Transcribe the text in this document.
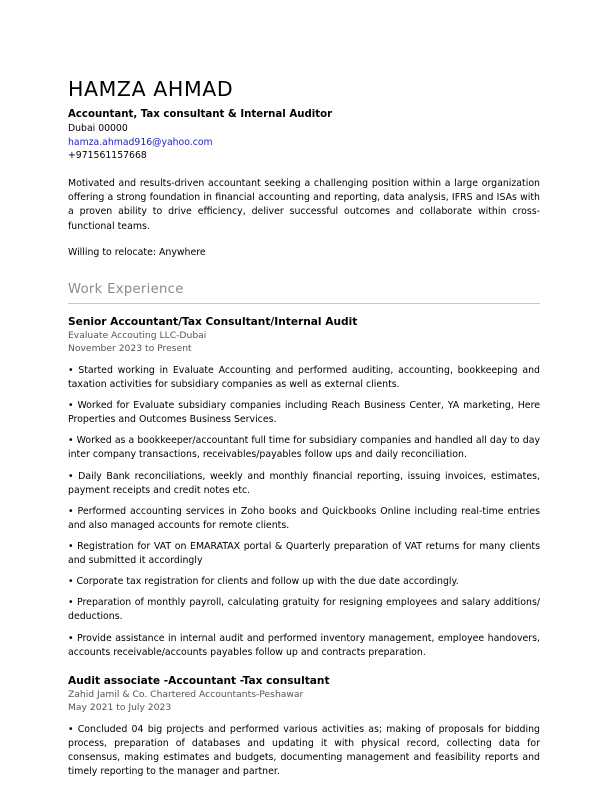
HAMZA AHMAD
Accountant, Tax consultant & Internal Auditor
Dubai 00000
hamza.ahmad916@yahoo.com
+971561157668
Motivated and results-driven accountant seeking a challenging position within a large organization offering a strong foundation in financial accounting and reporting, data analysis, IFRS and ISAs with a proven ability to drive efficiency, deliver successful outcomes and collaborate within cross-functional teams.
Willing to relocate: Anywhere
Work Experience
Senior Accountant/Tax Consultant/Internal Audit
Evaluate Accouting LLC-Dubai
November 2023 to Present

• Started working in Evaluate Accounting and performed auditing, accounting, bookkeeping and taxation activities for subsidiary companies as well as external clients.

• Worked for Evaluate subsidiary companies including Reach Business Center, YA marketing, Here Properties and Outcomes Business Services.

• Worked as a bookkeeper/accountant full time for subsidiary companies and handled all day to day inter company transactions, receivables/payables follow ups and daily reconciliation.

• Daily Bank reconciliations, weekly and monthly financial reporting, issuing invoices, estimates, payment receipts and credit notes etc.

• Performed accounting services in Zoho books and Quickbooks Online including real-time entries and also managed accounts for remote clients.

• Registration for VAT on EMARATAX portal & Quarterly preparation of VAT returns for many clients and submitted it accordingly

• Corporate tax registration for clients and follow up with the due date accordingly.

• Preparation of monthly payroll, calculating gratuity for resigning employees and salary additions/ deductions.

• Provide assistance in internal audit and performed inventory management, employee handovers, accounts receivable/accounts payables follow up and contracts preparation.

Audit associate -Accountant -Tax consultant
Zahid Jamil & Co. Chartered Accountants-Peshawar
May 2021 to July 2023

• Concluded 04 big projects and performed various activities as; making of proposals for bidding process, preparation of databases and updating it with physical record, collecting data for consensus, making estimates and budgets, documenting management and feasibility reports and timely reporting to the manager and partner.
